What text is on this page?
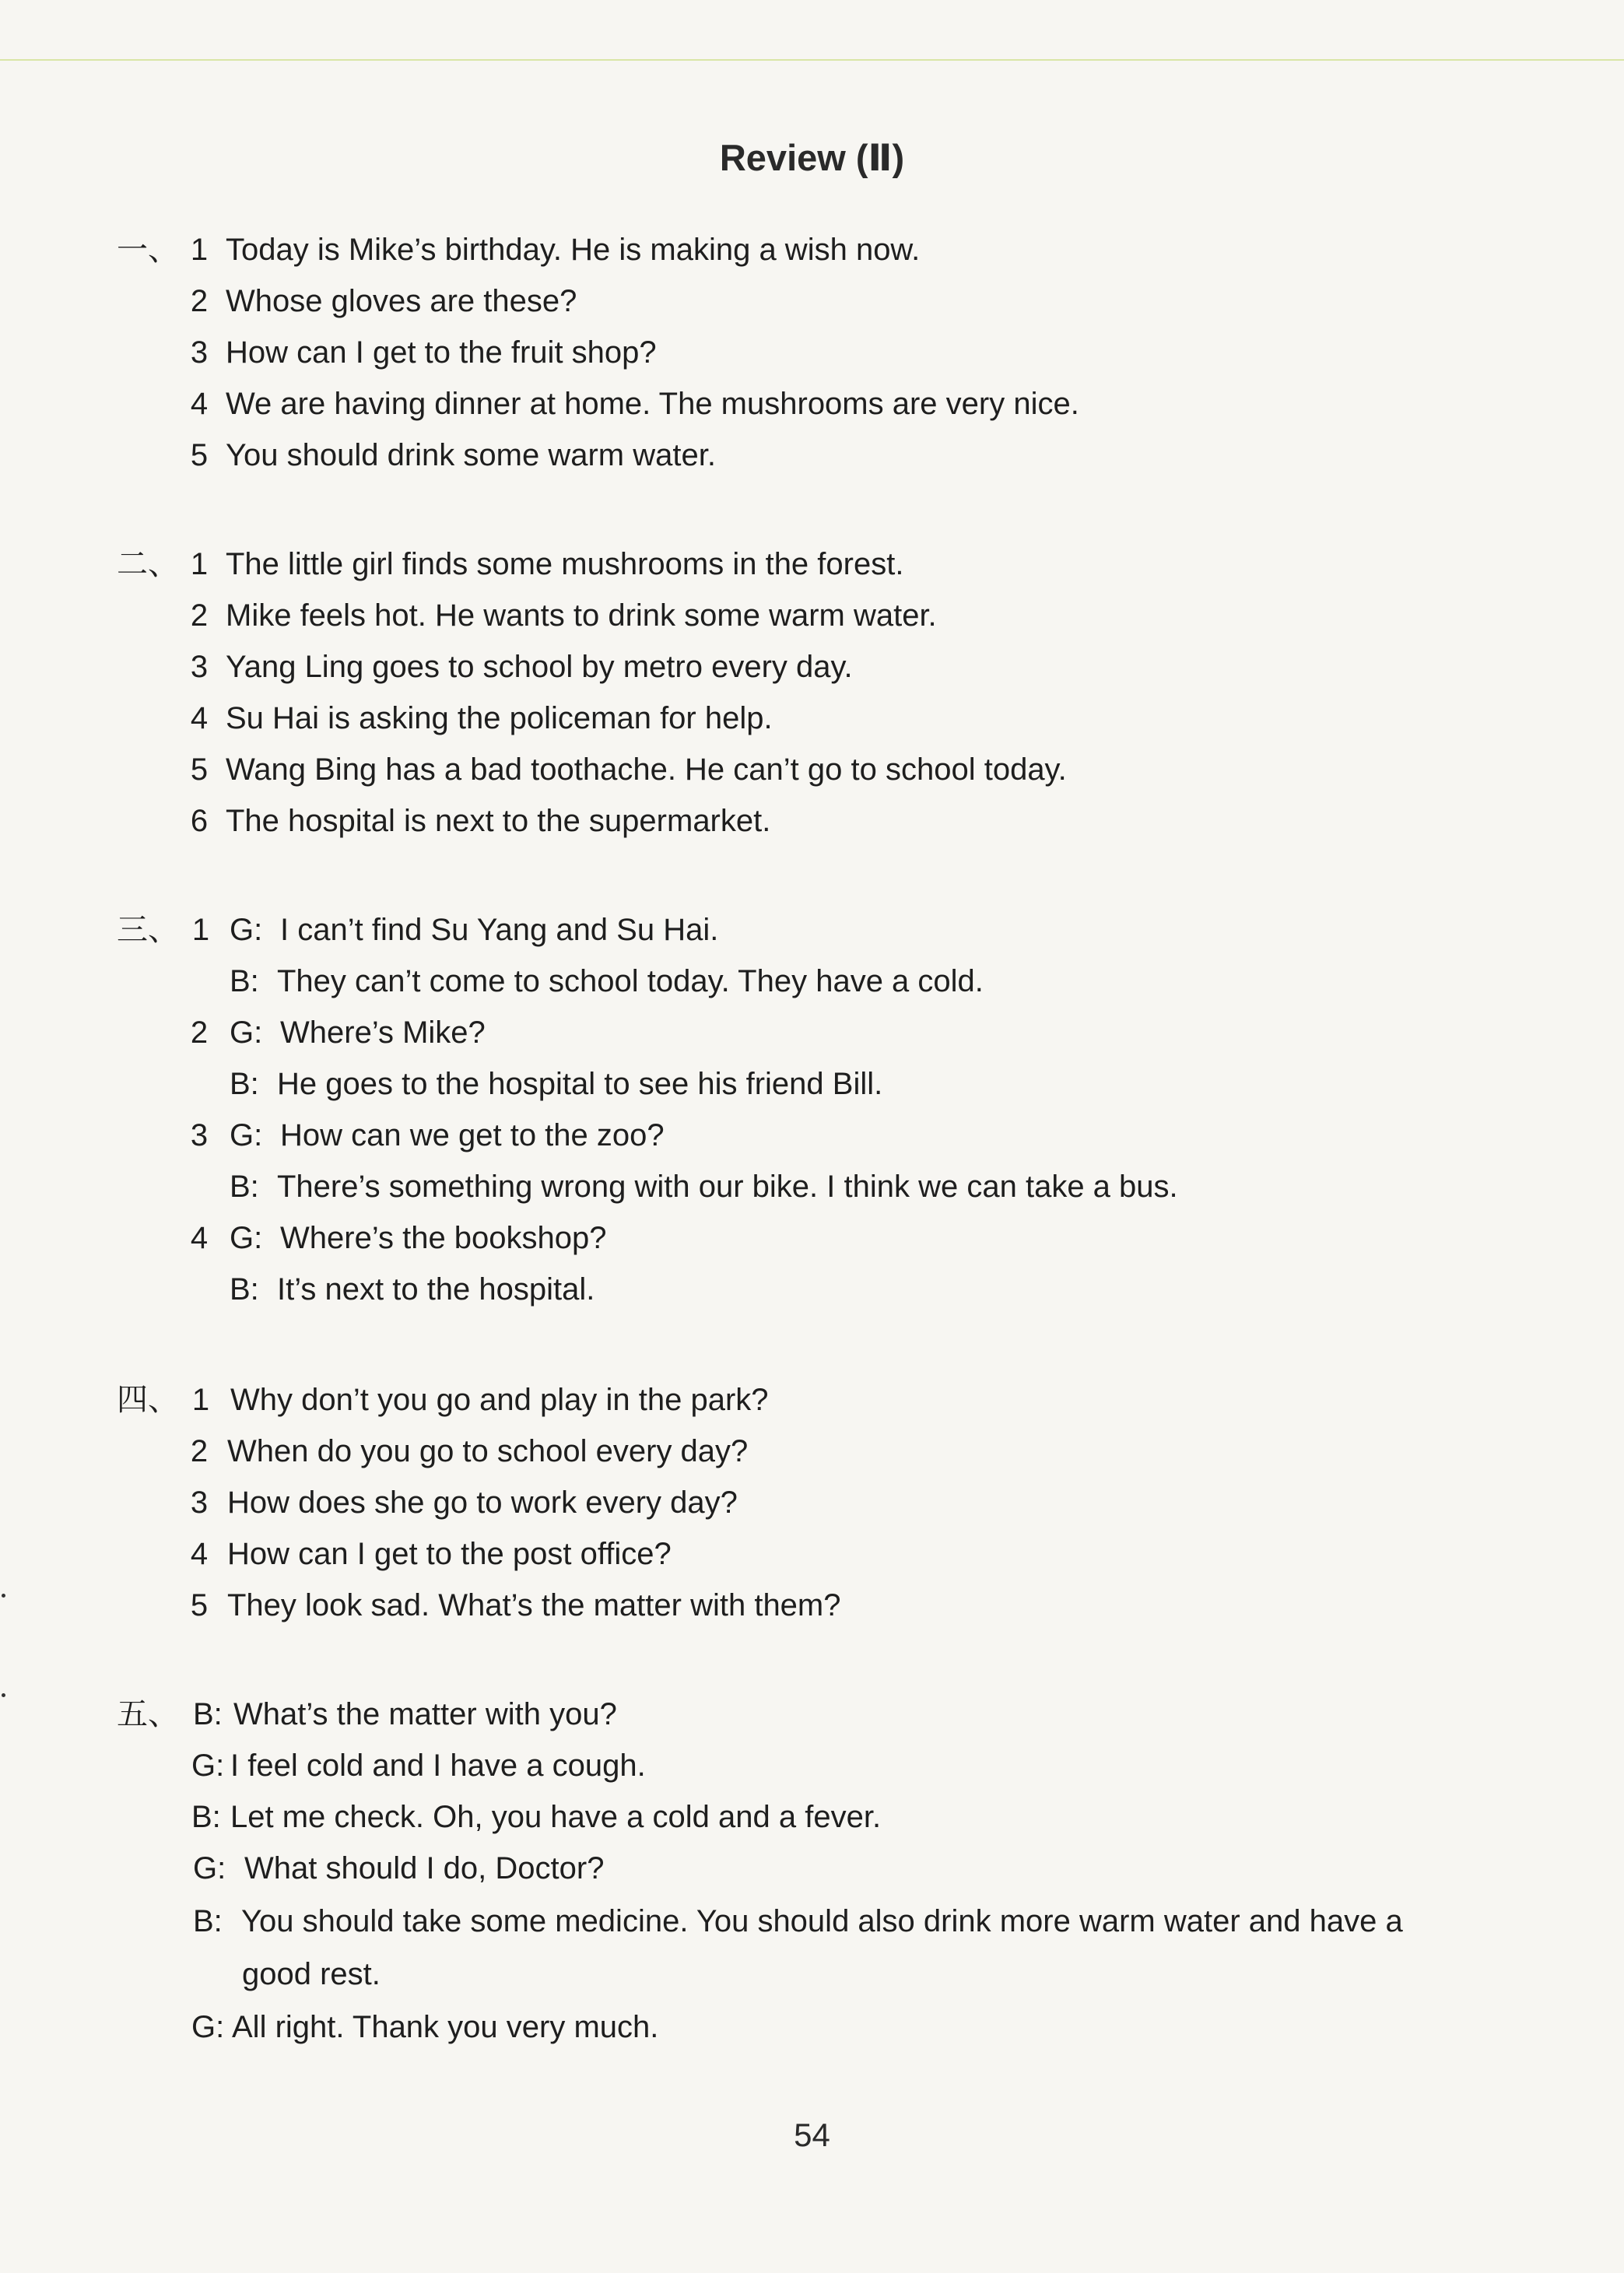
Review (Ⅱ)
一、 1 Today is Mike’s birthday. He is making a wish now.
2 Whose gloves are these?
3 How can I get to the fruit shop?
4 We are having dinner at home. The mushrooms are very nice.
5 You should drink some warm water.
二、 1 The little girl finds some mushrooms in the forest.
2 Mike feels hot. He wants to drink some warm water.
3 Yang Ling goes to school by metro every day.
4 Su Hai is asking the policeman for help.
5 Wang Bing has a bad toothache. He can’t go to school today.
6 The hospital is next to the supermarket.
三、 1 G: I can’t find Su Yang and Su Hai.
B: They can’t come to school today. They have a cold.
2 G: Where’s Mike?
B: He goes to the hospital to see his friend Bill.
3 G: How can we get to the zoo?
B: There’s something wrong with our bike. I think we can take a bus.
4 G: Where’s the bookshop?
B: It’s next to the hospital.
四、 1 Why don’t you go and play in the park?
2 When do you go to school every day?
3 How does she go to work every day?
4 How can I get to the post office?
5 They look sad. What’s the matter with them?
五、 B: What’s the matter with you?
G: I feel cold and I have a cough.
B: Let me check. Oh, you have a cold and a fever.
G: What should I do, Doctor?
B: You should take some medicine. You should also drink more warm water and have a
good rest.
G: All right. Thank you very much.
54
